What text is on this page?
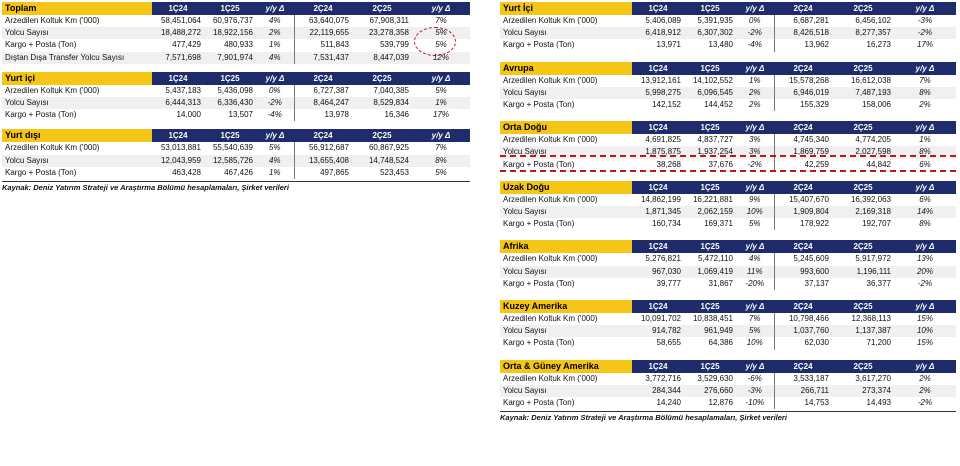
Toplam	1Ç24	1Ç25	y/y Δ	2Ç24	2Ç25	y/y Δ
Arzedilen Koltuk Km ('000)	58,451,064	60,976,737	4%	63,640,075	67,908,311	7%
Yolcu Sayısı	18,488,272	18,922,156	2%	22,119,655	23,278,358	5%
Kargo + Posta (Ton)	477,429	480,933	1%	511,843	539,799	5%
Dıştan Dışa Transfer Yolcu Sayısı	7,571,698	7,901,974	4%	7,531,437	8,447,039	12%
Yurt içi	1Ç24	1Ç25	y/y Δ	2Ç24	2Ç25	y/y Δ
Arzedilen Koltuk Km ('000)	5,437,183	5,436,098	0%	6,727,387	7,040,385	5%
Yolcu Sayısı	6,444,313	6,336,430	-2%	8,464,247	8,529,834	1%
Kargo + Posta (Ton)	14,000	13,507	-4%	13,978	16,346	17%
Yurt dışı	1Ç24	1Ç25	y/y Δ	2Ç24	2Ç25	y/y Δ
Arzedilen Koltuk Km ('000)	53,013,881	55,540,639	5%	56,912,687	60,867,925	7%
Yolcu Sayısı	12,043,959	12,585,726	4%	13,655,408	14,748,524	8%
Kargo + Posta (Ton)	463,428	467,426	1%	497,865	523,453	5%
Kaynak: Deniz Yatırım Strateji ve Araştırma Bölümü hesaplamaları, Şirket verileri
Yurt İçi	1Ç24	1Ç25	y/y Δ	2Ç24	2Ç25	y/y Δ
Arzedilen Koltuk Km ('000)	5,406,089	5,391,935	0%	6,687,281	6,456,102	-3%
Yolcu Sayısı	6,418,912	6,307,302	-2%	8,426,518	8,277,357	-2%
Kargo + Posta (Ton)	13,971	13,480	-4%	13,962	16,273	17%
Avrupa	1Ç24	1Ç25	y/y Δ	2Ç24	2Ç25	y/y Δ
Arzedilen Koltuk Km ('000)	13,912,161	14,102,552	1%	15,578,268	16,612,038	7%
Yolcu Sayısı	5,998,275	6,096,545	2%	6,946,019	7,487,193	8%
Kargo + Posta (Ton)	142,152	144,452	2%	155,329	158,006	2%
Orta Doğu	1Ç24	1Ç25	y/y Δ	2Ç24	2Ç25	y/y Δ
Arzedilen Koltuk Km ('000)	4,691,825	4,837,727	3%	4,745,340	4,774,205	1%
Yolcu Sayısı	1,875,875	1,937,254	3%	1,869,759	2,027,598	8%
Kargo + Posta (Ton)	38,268	37,676	-2%	42,259	44,842	6%
Uzak Doğu	1Ç24	1Ç25	y/y Δ	2Ç24	2Ç25	y/y Δ
Arzedilen Koltuk Km ('000)	14,862,199	16,221,881	9%	15,407,670	16,392,063	6%
Yolcu Sayısı	1,871,345	2,062,159	10%	1,909,804	2,169,318	14%
Kargo + Posta (Ton)	160,734	169,371	5%	178,922	192,707	8%
Afrika	1Ç24	1Ç25	y/y Δ	2Ç24	2Ç25	y/y Δ
Arzedilen Koltuk Km ('000)	5,276,821	5,472,110	4%	5,245,609	5,917,972	13%
Yolcu Sayısı	967,030	1,069,419	11%	993,600	1,196,111	20%
Kargo + Posta (Ton)	39,777	31,867	-20%	37,137	36,377	-2%
Kuzey Amerika	1Ç24	1Ç25	y/y Δ	2Ç24	2Ç25	y/y Δ
Arzedilen Koltuk Km ('000)	10,091,702	10,838,451	7%	10,798,466	12,368,113	15%
Yolcu Sayısı	914,782	961,949	5%	1,037,760	1,137,387	10%
Kargo + Posta (Ton)	58,655	64,386	10%	62,030	71,200	15%
Orta & Güney Amerika	1Ç24	1Ç25	y/y Δ	2Ç24	2Ç25	y/y Δ
Arzedilen Koltuk Km ('000)	3,772,716	3,529,630	-6%	3,533,187	3,617,270	2%
Yolcu Sayısı	284,344	276,660	-3%	266,711	273,374	2%
Kargo + Posta (Ton)	14,240	12,876	-10%	14,753	14,493	-2%
Kaynak: Deniz Yatırım Strateji ve Araştırma Bölümü hesaplamaları, Şirket verileri
